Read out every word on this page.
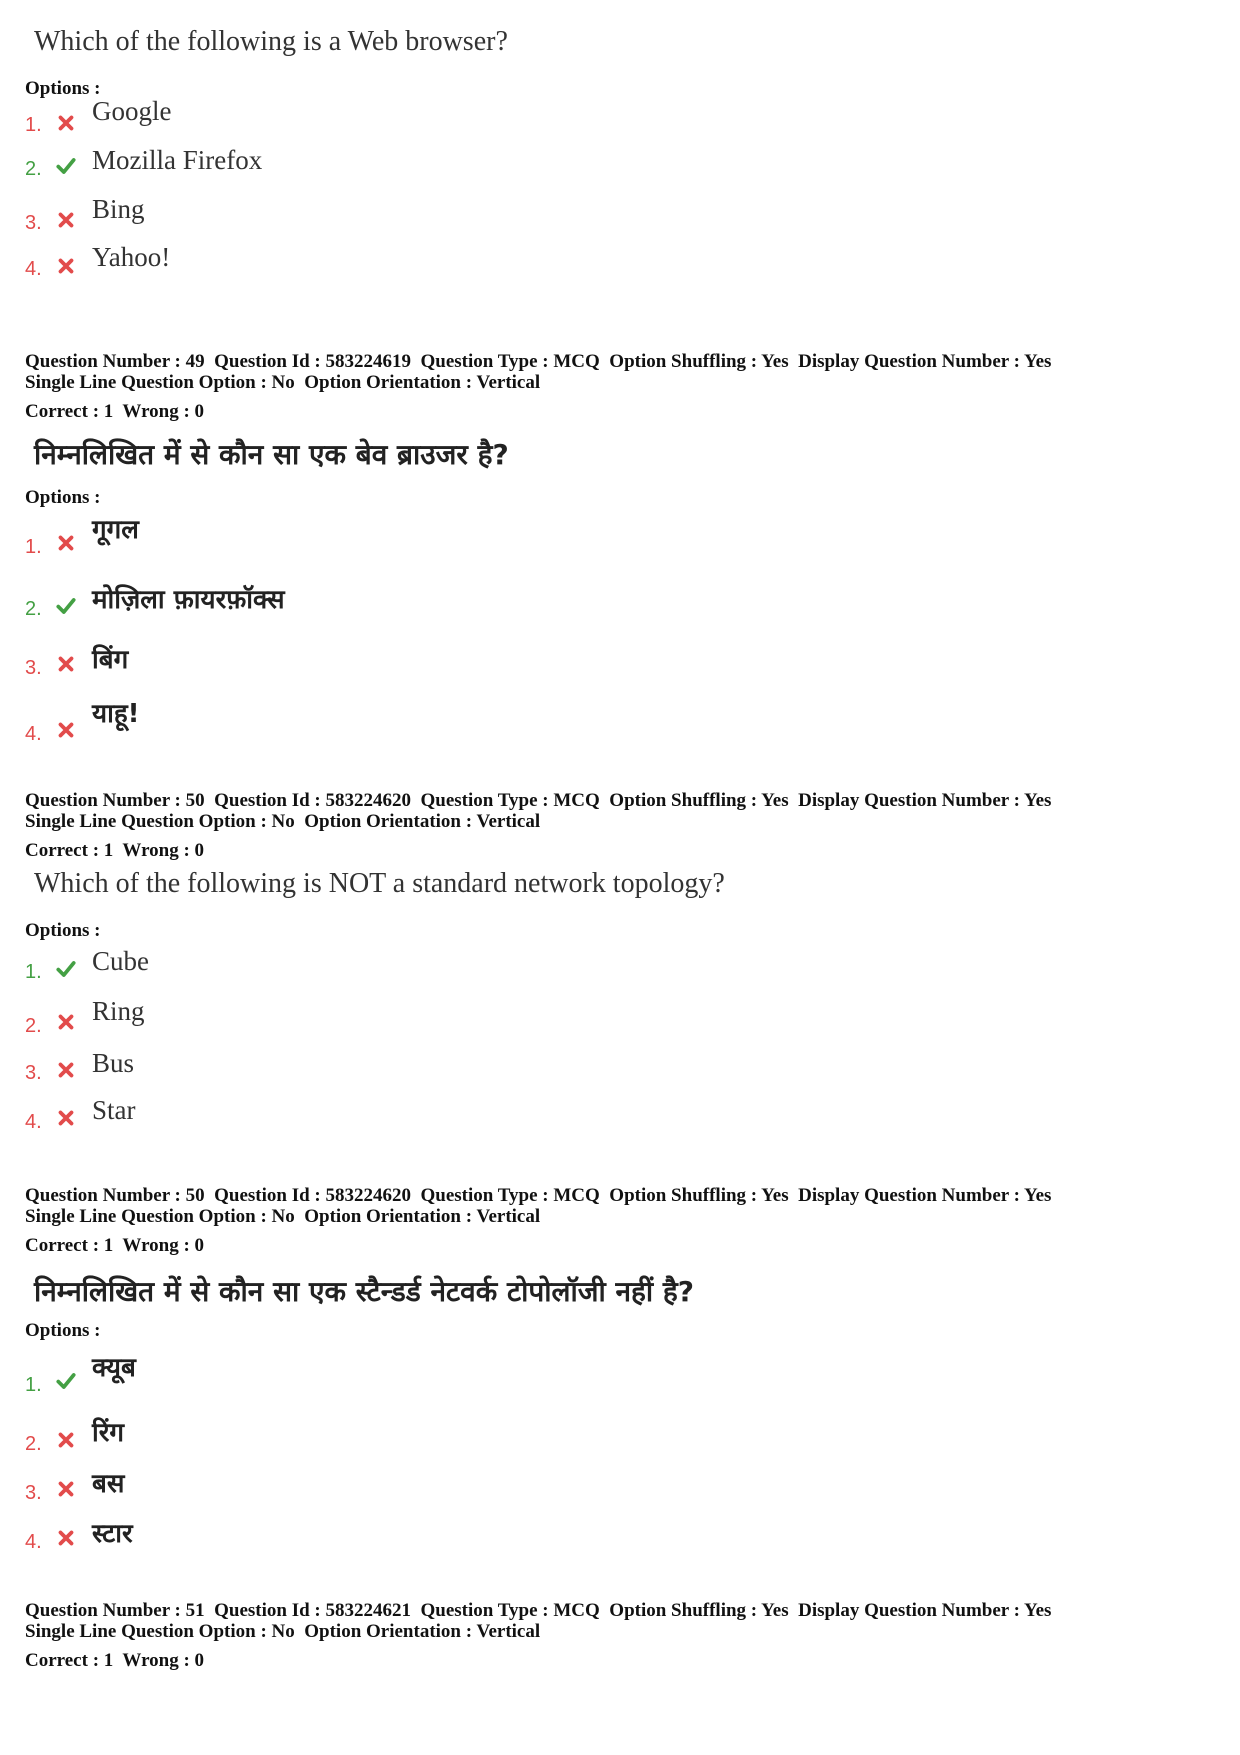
Which of the following is a Web browser?
Options :
1. Google
2. Mozilla Firefox
3. Bing
4. Yahoo!
Question Number : 49  Question Id : 583224619  Question Type : MCQ  Option Shuffling : Yes  Display Question Number : Yes
Single Line Question Option : No  Option Orientation : Vertical
Correct : 1  Wrong : 0
निम्नलिखित में से कौन सा एक बेव ब्राउजर है?
Options :
1.
गूगल
2. मोज़िला फ़ायरफ़ॉक्स
3. बिंग
4.
याहू!
Question Number : 50  Question Id : 583224620  Question Type : MCQ  Option Shuffling : Yes  Display Question Number : Yes
Single Line Question Option : No  Option Orientation : Vertical
Correct : 1  Wrong : 0
Which of the following is NOT a standard network topology?
Options :
1. Cube
2. Ring
3. Bus
4. Star
Question Number : 50  Question Id : 583224620  Question Type : MCQ  Option Shuffling : Yes  Display Question Number : Yes
Single Line Question Option : No  Option Orientation : Vertical
Correct : 1  Wrong : 0
निम्नलिखित में से कौन सा एक स्टैन्डर्ड नेटवर्क टोपोलॉजी नहीं है?
Options :
1.
क्यूब
2. रिंग
3. बस
4. स्टार
Question Number : 51  Question Id : 583224621  Question Type : MCQ  Option Shuffling : Yes  Display Question Number : Yes
Single Line Question Option : No  Option Orientation : Vertical
Correct : 1  Wrong : 0
